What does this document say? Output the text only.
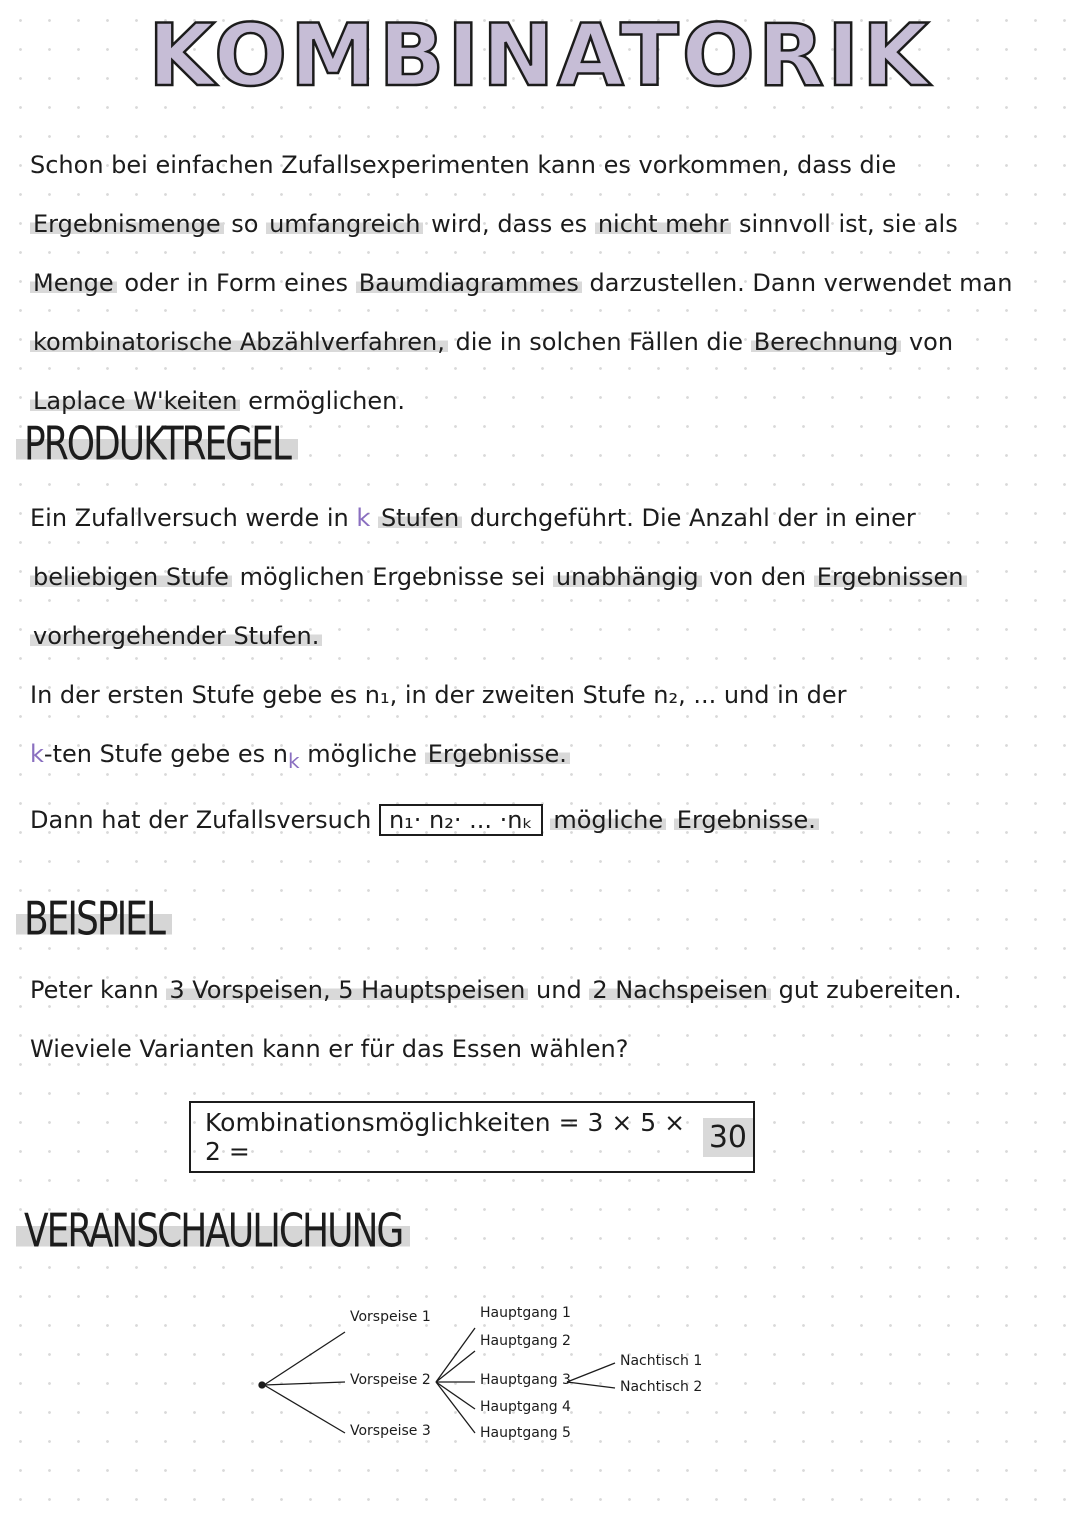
KOMBINATORIK
Schon bei einfachen Zufallsexperimenten kann es vorkommen, dass die Ergebnismenge so umfangreich wird, dass es nicht mehr sinnvoll ist, sie als Menge oder in Form eines Baumdiagrammes darzustellen. Dann verwendet man kombinatorische Abzählverfahren, die in solchen Fällen die Berechnung von Laplace W'keiten ermöglichen.
PRODUKTREGEL
Ein Zufallversuch werde in k Stufen durchgeführt. Die Anzahl der in einer beliebigen Stufe möglichen Ergebnisse sei unabhängig von den Ergebnissen
vorhergehender Stufen.
In der ersten Stufe gebe es n₁, in der zweiten Stufe n₂, ... und in der
k-ten Stufe gebe es $n_k$ mögliche Ergebnisse.
Dann hat der Zufallsversuch n₁· n₂· ... ·nₖ mögliche Ergebnisse.
BEISPIEL
Peter kann 3 Vorspeisen, 5 Hauptspeisen und 2 Nachspeisen gut zubereiten.
Wieviele Varianten kann er für das Essen wählen?
Kombinationsmöglichkeiten = 3 × 5 × 2 =
	30
VERANSCHAULICHUNG
Vorspeise 1
Vorspeise 2
Vorspeise 3
Hauptgang 1
Hauptgang 2
Hauptgang 3
Hauptgang 4
Hauptgang 5
Nachtisch 1
Nachtisch 2
